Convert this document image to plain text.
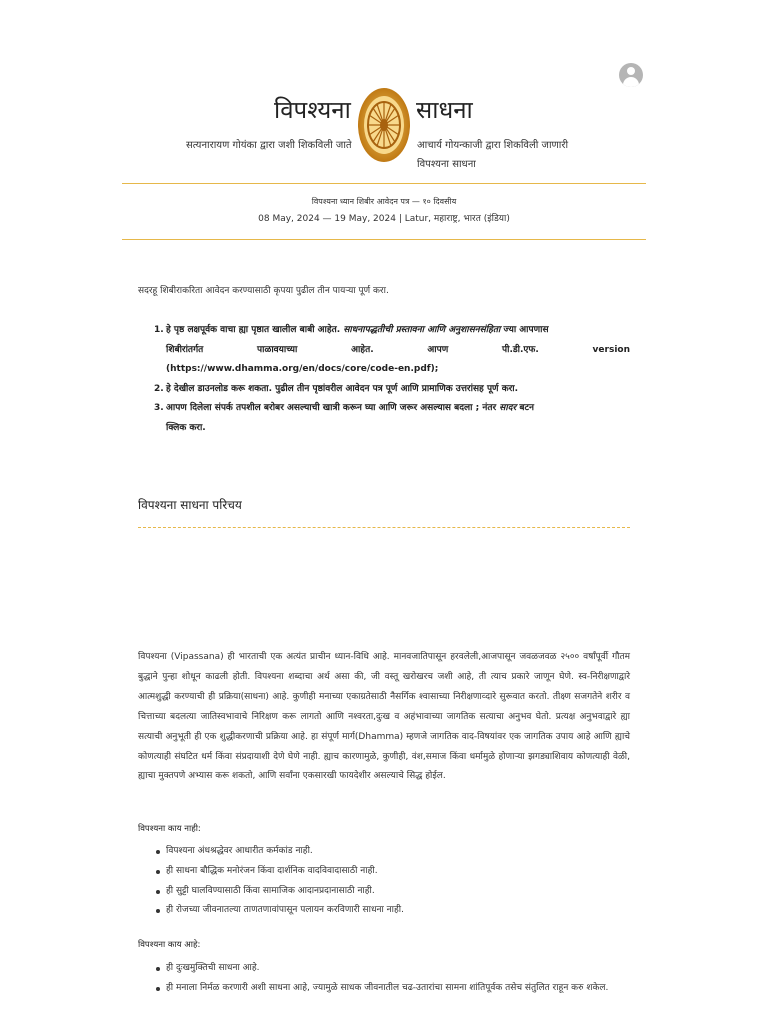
विपश्यना	साधना
सत्यनारायण गोयंका द्वारा जशी शिकविली जाते	आचार्य गोयन्काजी द्वारा शिकविली जाणारी
विपश्यना साधना
विपश्यना ध्यान शिबीर आवेदन पत्र — १० दिवसीय
08 May, 2024 — 19 May, 2024 | Latur, महाराष्ट्र, भारत (इंडिया)
सदरहू शिबीराकरिता आवेदन करण्यासाठी कृपया पुढील तीन पायऱ्या पूर्ण करा.
1. हे पृष्ठ लक्षपूर्वक वाचा ह्या पृष्ठात खालील बाबी आहेत. साधनापद्धतीची प्रस्तावना आणि अनुशासनसंहिता ज्या आपणास
शिबीरांतर्गत पाळावयाच्या आहेत. आपण पी.डी.एफ. version
(https://www.dhamma.org/en/docs/core/code-en.pdf);
2. हे देखील डाउनलोड करू शकता. पुढील तीन पृष्ठांवरील आवेदन पत्र पूर्ण आणि प्रामाणिक उत्तरांसह पूर्ण करा.
3. आपण दिलेला संपर्क तपशील बरोबर असल्याची खात्री करून घ्या आणि जरूर असल्यास बदला ; नंतर सादर बटन
क्लिक करा.
विपश्यना साधना परिचय
विपश्यना (Vipassana) ही भारताची एक अत्यंत प्राचीन ध्यान-विधि आहे. मानवजातिपासून हरवलेली,आजपासून जवळजवळ २५०० वर्षांपूर्वी गौतम बुद्धाने पुन्हा शोधून काढली होती. विपश्यना शब्दाचा अर्थ असा की, जी वस्तू खरोखरच जशी आहे, ती त्याच प्रकारे जाणून घेणे. स्व-निरीक्षणाद्वारे आत्मशुद्धी करण्याची ही प्रक्रिया(साधना) आहे. कुणीही मनाच्या एकाग्रतेसाठी नैसर्गिक श्वासाच्या निरीक्षणाव्दारे सुरूवात करतो. तीक्ष्ण सजगतेने शरीर व चित्ताच्या बदलत्या जातिस्वभावाचे निरिक्षण करू लागतो आणि नश्वरता,दुःख व अहंभावाच्या जागतिक सत्याचा अनुभव घेतो. प्रत्यक्ष अनुभवाद्वारे ह्या सत्याची अनुभूती ही एक शुद्धीकरणाची प्रक्रिया आहे. हा संपूर्ण मार्ग(Dhamma) म्हणजे जागतिक वाद-विषयांवर एक जागतिक उपाय आहे आणि ह्याचे कोणत्याही संघटित धर्म किंवा संप्रदायाशी देणे घेणे नाही. ह्याच कारणामुळे, कुणीही, वंश,समाज किंवा धर्मामुळे होणाऱ्या झगड्याशिवाय कोणत्याही वेळी, ह्याचा मुक्तपणे अभ्यास करू शकतो, आणि सर्वांना एकसारखी फायदेशीर असल्याचे सिद्ध होईल.
विपश्यना काय नाही:
विपश्यना अंधश्रद्धेवर आधारीत कर्मकांड नाही.
ही साधना बौद्धिक मनोरंजन किंवा दार्शनिक वादविवादासाठी नाही.
ही सुट्टी घालविण्यासाठी किंवा सामाजिक आदानप्रदानासाठी नाही.
ही रोजच्या जीवनातल्या ताणतणावांपासून पलायन करविणारी साधना नाही.
विपश्यना काय आहे:
ही दुःखमुक्तिची साधना आहे.
ही मनाला निर्मळ करणारी अशी साधना आहे, ज्यामुळे साधक जीवनातील चढ-उतारांचा सामना शांतिपूर्वक तसेच संतुलित राहून करु शकेल.
